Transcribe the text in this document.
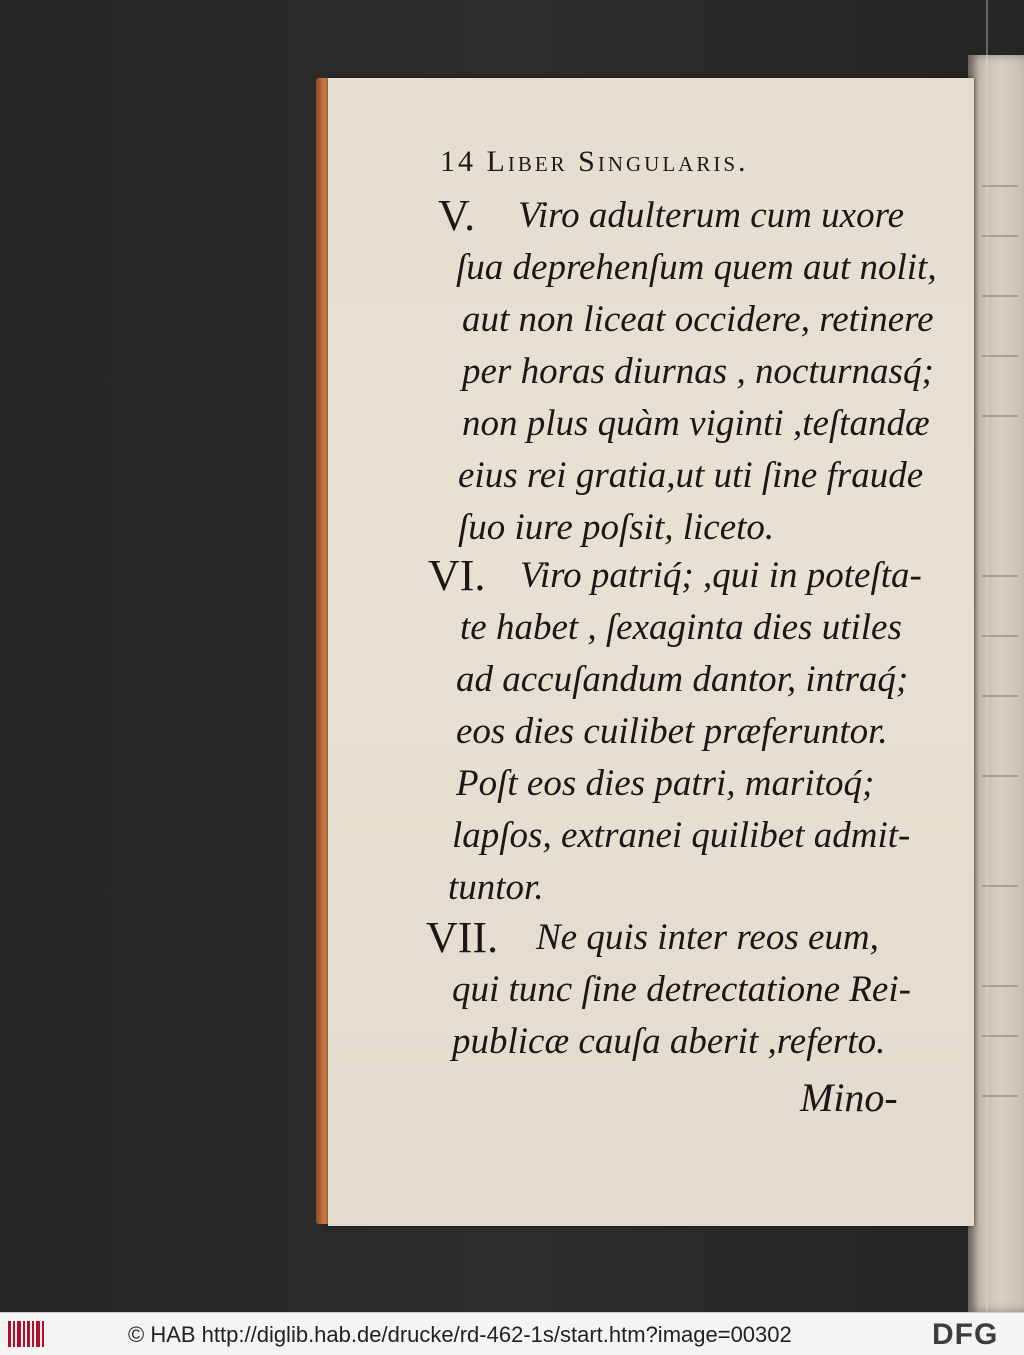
14 Liber Singularis.
V. Viro adulterum cum uxore
ſua deprehenſum quem aut nolit,
aut non liceat occidere, retinere
per horas diurnas , nocturnasq́;
non plus quàm viginti ,teſtandæ
eius rei gratia,ut uti ſine fraude
ſuo iure poſsit, liceto.
VI. Viro patriq́; ,qui in poteſta-
te habet , ſexaginta dies utiles
ad accuſandum dantor, intraq́;
eos dies cuilibet præferuntor.
Poſt eos dies patri, maritoq́;
lapſos, extranei quilibet admit-
tuntor.
VII. Ne quis inter reos eum,
qui tunc ſine detrectatione Rei-
publicæ cauſa aberit ,referto.
Mino-
© HAB http://diglib.hab.de/drucke/rd-462-1s/start.htm?image=00302	DFG
